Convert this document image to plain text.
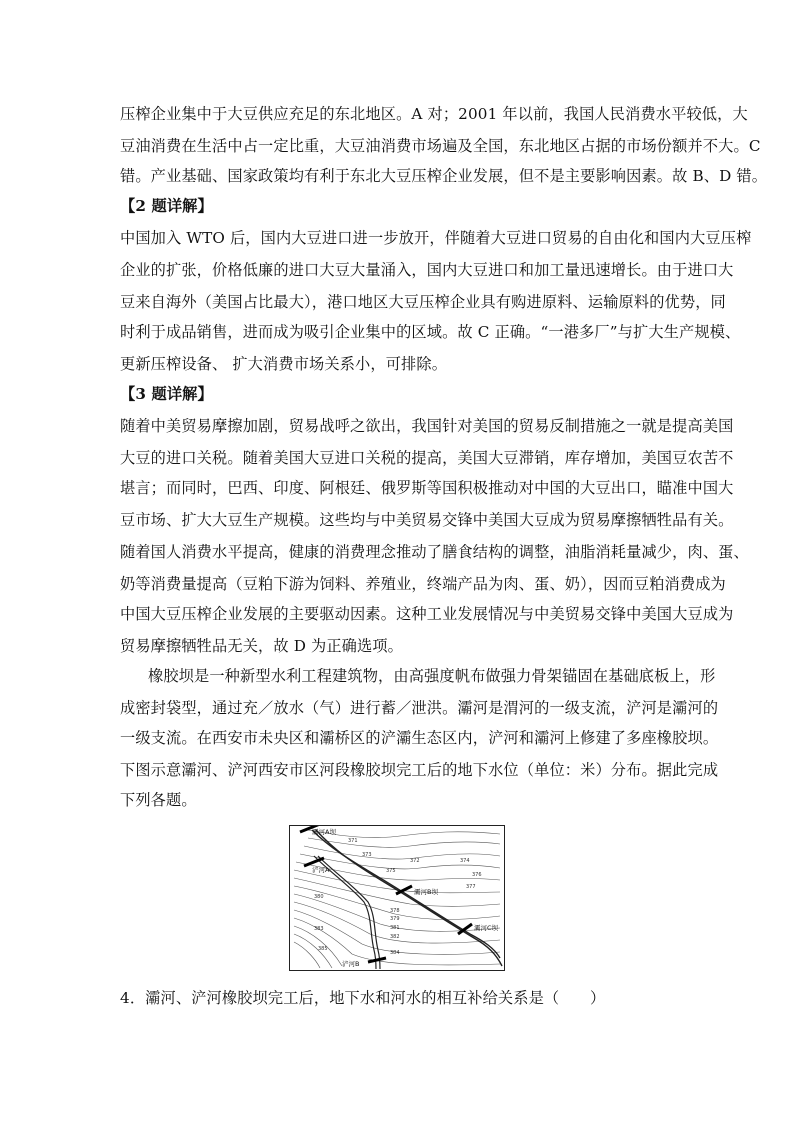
压榨企业集中于大豆供应充足的东北地区。A 对；2001 年以前，我国人民消费水平较低，大
豆油消费在生活中占一定比重，大豆油消费市场遍及全国，东北地区占据的市场份额并不大。C
错。产业基础、国家政策均有利于东北大豆压榨企业发展，但不是主要影响因素。故 B、D 错。
【2 题详解】
中国加入 WTO 后，国内大豆进口进一步放开，伴随着大豆进口贸易的自由化和国内大豆压榨
企业的扩张，价格低廉的进口大豆大量涌入，国内大豆进口和加工量迅速增长。由于进口大
豆来自海外（美国占比最大），港口地区大豆压榨企业具有购进原料、运输原料的优势，同
时利于成品销售，进而成为吸引企业集中的区域。故 C 正确。“一港多厂”与扩大生产规模、
更新压榨设备、 扩大消费市场关系小，可排除。
【3 题详解】
随着中美贸易摩擦加剧，贸易战呼之欲出，我国针对美国的贸易反制措施之一就是提高美国
大豆的进口关税。随着美国大豆进口关税的提高，美国大豆滞销，库存增加，美国豆农苦不
堪言；而同时，巴西、印度、阿根廷、俄罗斯等国积极推动对中国的大豆出口，瞄准中国大
豆市场、扩大大豆生产规模。这些均与中美贸易交锋中美国大豆成为贸易摩擦牺牲品有关。
随着国人消费水平提高，健康的消费理念推动了膳食结构的调整，油脂消耗量减少，肉、蛋、
奶等消费量提高（豆粕下游为饲料、养殖业，终端产品为肉、蛋、奶），因而豆粕消费成为
中国大豆压榨企业发展的主要驱动因素。这种工业发展情况与中美贸易交锋中美国大豆成为
贸易摩擦牺牲品无关，故 D 为正确选项。
橡胶坝是一种新型水利工程建筑物，由高强度帆布做强力骨架锚固在基础底板上，形
成密封袋型，通过充／放水（气）进行蓄／泄洪。灞河是渭河的一级支流，浐河是灞河的
一级支流。在西安市未央区和灞桥区的浐灞生态区内，浐河和灞河上修建了多座橡胶坝。
下图示意灞河、浐河西安市区河段橡胶坝完工后的地下水位（单位：米）分布。据此完成
下列各题。
371
372
373
374
375
376
377
378
379
380
381
382
383
384
385
灞河A坝
浐河A
灞河B坝
灞河C坝
浐河B
4．灞河、浐河橡胶坝完工后，地下水和河水的相互补给关系是（　　）
